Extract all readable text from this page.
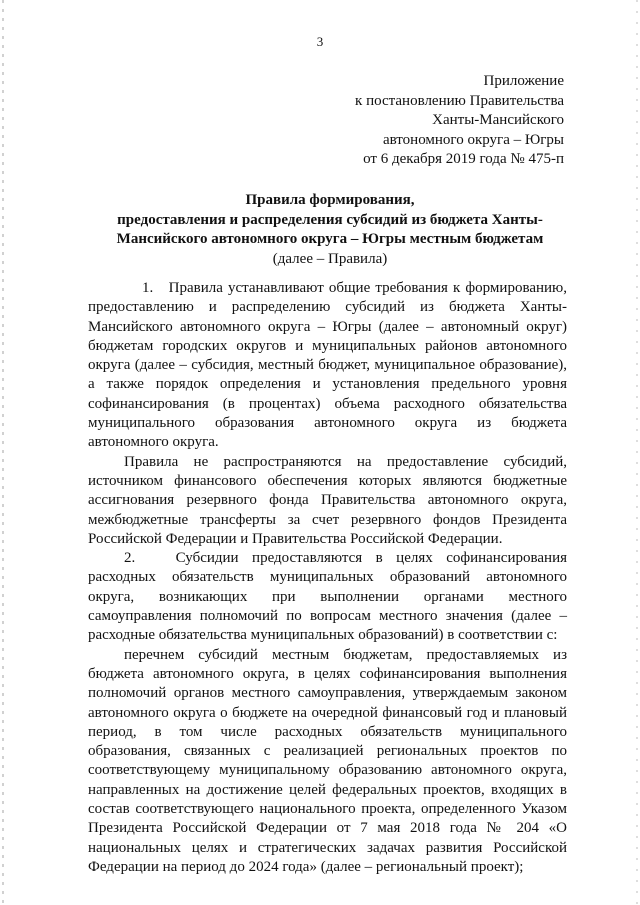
3
Приложение
к постановлению Правительства
Ханты-Мансийского
автономного округа – Югры
от 6 декабря 2019 года № 475-п
Правила формирования,
предоставления и распределения субсидий из бюджета Ханты-
Мансийского автономного округа – Югры местным бюджетам
(далее – Правила)

1.   Правила устанавливают общие требования к формированию, предоставлению и распределению субсидий из бюджета Ханты-Мансийского автономного округа – Югры (далее – автономный округ) бюджетам городских округов и муниципальных районов автономного округа (далее – субсидия, местный бюджет, муниципальное образование), а также порядок определения и установления предельного уровня софинансирования (в процентах) объема расходного обязательства муниципального образования автономного округа из бюджета автономного округа.

Правила не распространяются на предоставление субсидий, источником финансового обеспечения которых являются бюджетные ассигнования резервного фонда Правительства автономного округа, межбюджетные трансферты за счет резервного фондов Президента Российской Федерации и Правительства Российской Федерации.

2.   Субсидии предоставляются в целях софинансирования расходных обязательств муниципальных образований автономного округа, возникающих при выполнении органами местного самоуправления полномочий по вопросам местного значения (далее – расходные обязательства муниципальных образований) в соответствии с:

перечнем субсидий местным бюджетам, предоставляемых из бюджета автономного округа, в целях софинансирования выполнения полномочий органов местного самоуправления, утверждаемым законом автономного округа о бюджете на очередной финансовый год и плановый период, в том числе расходных обязательств муниципального образования, связанных с реализацией региональных проектов по соответствующему муниципальному образованию автономного округа, направленных на достижение целей федеральных проектов, входящих в состав соответствующего национального проекта, определенного Указом Президента Российской Федерации от 7 мая 2018 года № 204 «О национальных целях и стратегических задачах развития Российской Федерации на период до 2024 года» (далее – региональный проект);
